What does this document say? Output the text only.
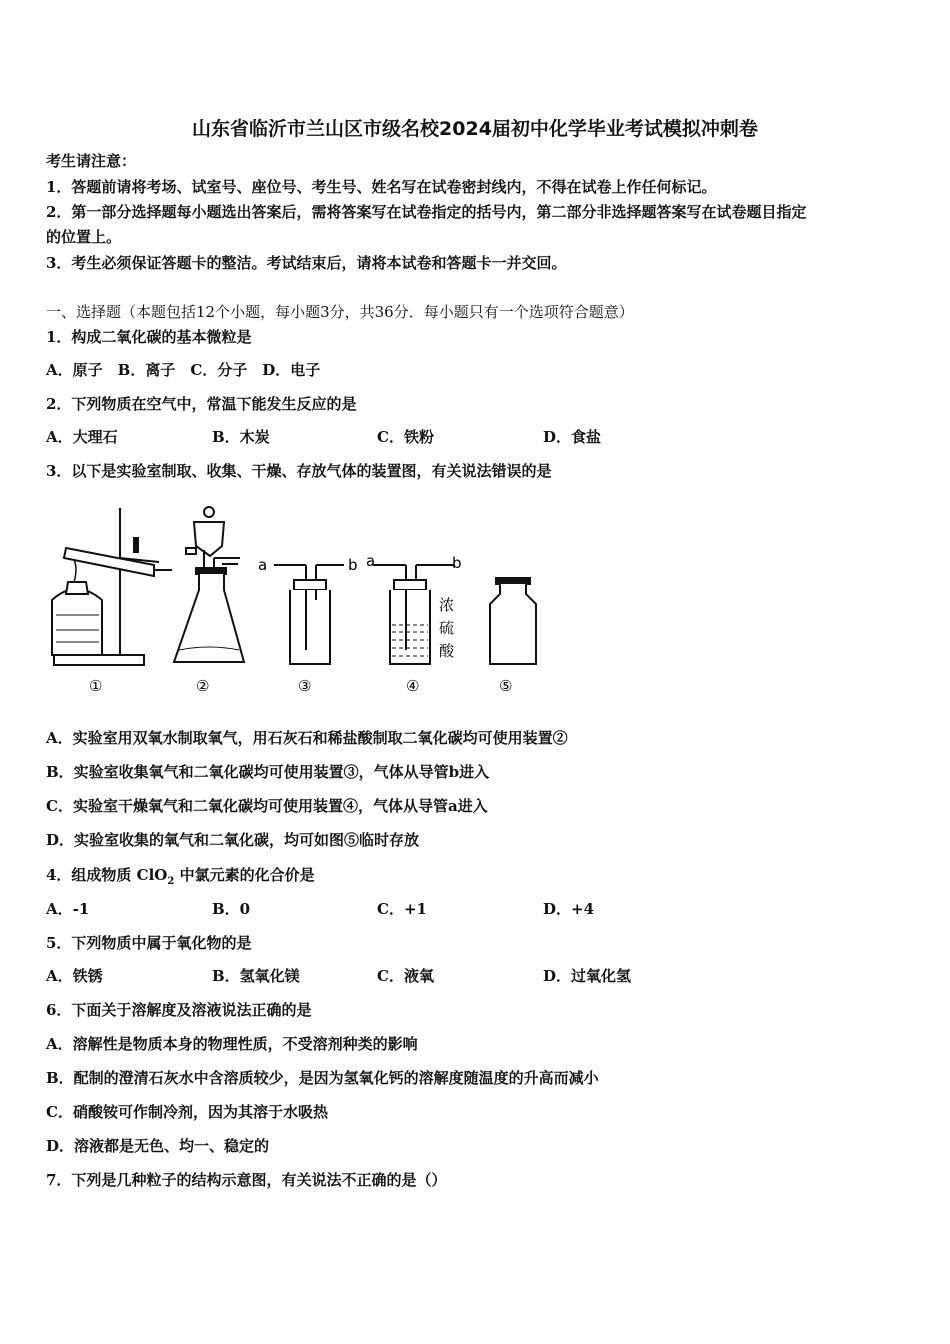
山东省临沂市兰山区市级名校2024届初中化学毕业考试模拟冲刺卷
考生请注意：
1．答题前请将考场、试室号、座位号、考生号、姓名写在试卷密封线内，不得在试卷上作任何标记。
2．第一部分选择题每小题选出答案后，需将答案写在试卷指定的括号内，第二部分非选择题答案写在试卷题目指定
的位置上。
3．考生必须保证答题卡的整洁。考试结束后，请将本试卷和答题卡一并交回。
一、选择题（本题包括12个小题，每小题3分，共36分．每小题只有一个选项符合题意）
1．构成二氧化碳的基本微粒是
A．原子　B．离子　C．分子　D．电子
2．下列物质在空气中，常温下能发生反应的是
A．大理石	B．木炭	C．铁粉	D．食盐
3．以下是实验室制取、收集、干燥、存放气体的装置图，有关说法错误的是
a	b a	b
浓
硫
酸
①	②	③	④	⑤
A．实验室用双氧水制取氧气，用石灰石和稀盐酸制取二氧化碳均可使用装置②
B．实验室收集氧气和二氧化碳均可使用装置③，气体从导管b进入
C．实验室干燥氧气和二氧化碳均可使用装置④，气体从导管a进入
D．实验室收集的氧气和二氧化碳，均可如图⑤临时存放
4．组成物质 ClO$_2$ 中氯元素的化合价是
A．-1	B．0	C．+1	D．+4
5．下列物质中属于氧化物的是
A．铁锈	B．氢氧化镁	C．液氧	D．过氧化氢
6．下面关于溶解度及溶液说法正确的是
A．溶解性是物质本身的物理性质，不受溶剂种类的影响
B．配制的澄清石灰水中含溶质较少，是因为氢氧化钙的溶解度随温度的升高而减小
C．硝酸铵可作制冷剂，因为其溶于水吸热
D．溶液都是无色、均一、稳定的
7．下列是几种粒子的结构示意图，有关说法不正确的是（）
